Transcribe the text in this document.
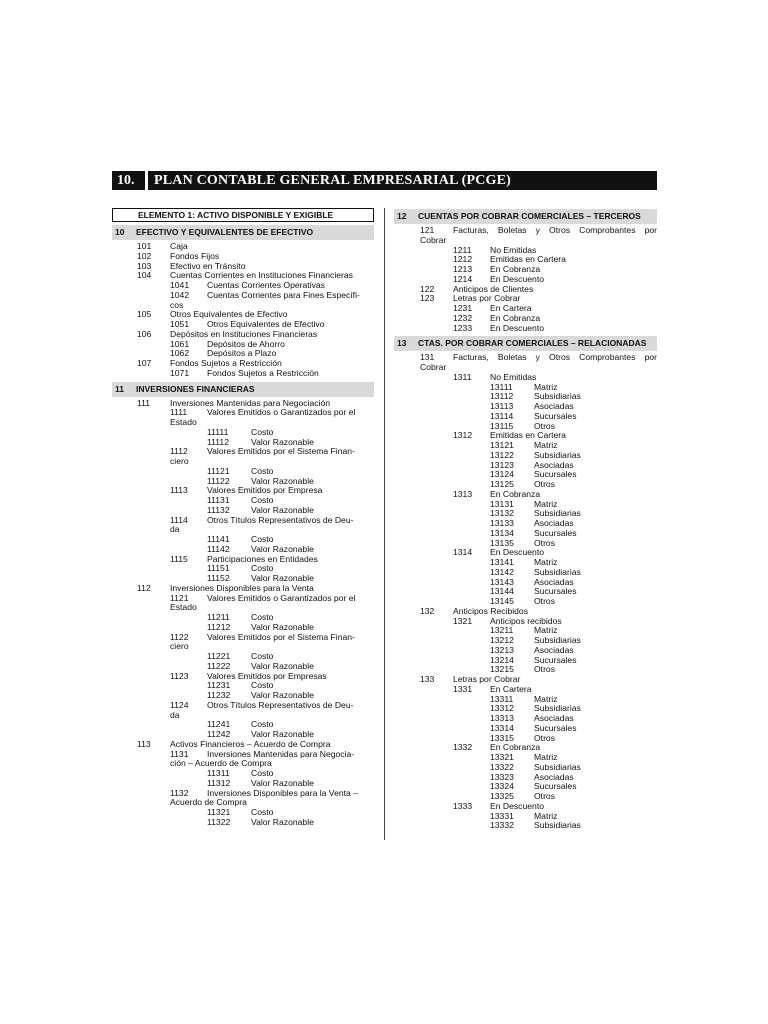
10.	PLAN CONTABLE GENERAL EMPRESARIAL (PCGE)
ELEMENTO 1: ACTIVO DISPONIBLE Y EXIGIBLE
10	EFECTIVO Y EQUIVALENTES DE EFECTIVO
101	Caja
102	Fondos Fijos
103	Efectivo en Tránsito
104	Cuentas Corrientes en Instituciones Financieras
1041	Cuentas Corrientes Operativas
1042	Cuentas Corrientes para Fines Específi-
cos
105	Otros Equivalentes de Efectivo
1051	Otros Equivalentes de Efectivo
106	Depósitos en Instituciones Financieras
1061	Depósitos de Ahorro
1062	Depósitos a Plazo
107	Fondos Sujetos a Restricción
1071	Fondos Sujetos a Restricción
11	INVERSIONES FINANCIERAS
111	Inversiones Mantenidas para Negociación
1111	Valores Emitidos o Garantizados por el
Estado
11111	Costo
11112	Valor Razonable
1112	Valores Emitidos por el Sistema Finan-
ciero
11121	Costo
11122	Valor Razonable
1113	Valores Emitidos por Empresa
11131	Costo
11132	Valor Razonable
1114	Otros Títulos Representativos de Deu-
da
11141	Costo
11142	Valor Razonable
1115	Participaciones en Entidades
11151	Costo
11152	Valor Razonable
112	Inversiones Disponibles para la Venta
1121	Valores Emitidos o Garantizados por el
Estado
11211	Costo
11212	Valor Razonable
1122	Valores Emitidos por el Sistema Finan-
ciero
11221	Costo
11222	Valor Razonable
1123	Valores Emitidos por Empresas
11231	Costo
11232	Valor Razonable
1124	Otros Títulos Representativos de Deu-
da
11241	Costo
11242	Valor Razonable
113	Activos Financieros – Acuerdo de Compra
1131	Inversiones Mantenidas para Negocia-
ción – Acuerdo de Compra
11311	Costo
11312	Valor Razonable
1132	Inversiones Disponibles para la Venta –
Acuerdo de Compra
11321	Costo
11322	Valor Razonable
12	CUENTAS POR COBRAR COMERCIALES – TERCEROS
121	Facturas, Boletas y Otros Comprobantes por
Cobrar
1211	No Emitidas
1212	Emitidas en Cartera
1213	En Cobranza
1214	En Descuento
122	Anticipos de Clientes
123	Letras por Cobrar
1231	En Cartera
1232	En Cobranza
1233	En Descuento
13	CTAS. POR COBRAR COMERCIALES – RELACIONADAS
131	Facturas, Boletas y Otros Comprobantes por
Cobrar
1311	No Emitidas
13111	Matriz
13112	Subsidiarias
13113	Asociadas
13114	Sucursales
13115	Otros
1312	Emitidas en Cartera
13121	Matriz
13122	Subsidiarias
13123	Asociadas
13124	Sucursales
13125	Otros
1313	En Cobranza
13131	Matriz
13132	Subsidiarias
13133	Asociadas
13134	Sucursales
13135	Otros
1314	En Descuento
13141	Matriz
13142	Subsidiarias
13143	Asociadas
13144	Sucursales
13145	Otros
132	Anticipos Recibidos
1321	Anticipos recibidos
13211	Matriz
13212	Subsidiarias
13213	Asociadas
13214	Sucursales
13215	Otros
133	Letras por Cobrar
1331	En Cartera
13311	Matriz
13312	Subsidiarias
13313	Asociadas
13314	Sucursales
13315	Otros
1332	En Cobranza
13321	Matriz
13322	Subsidiarias
13323	Asociadas
13324	Sucursales
13325	Otros
1333	En Descuento
13331	Matriz
13332	Subsidiarias
